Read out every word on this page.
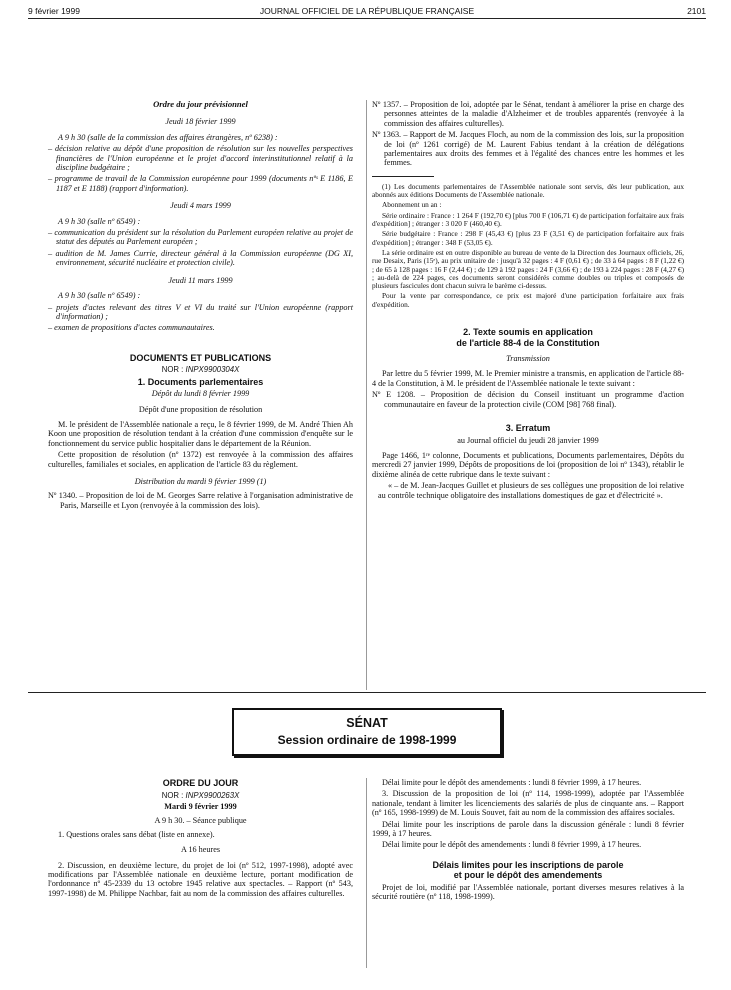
9 février 1999	JOURNAL OFFICIEL DE LA RÉPUBLIQUE FRANÇAISE	2101

Ordre du jour prévisionnel

Jeudi 18 février 1999

A 9 h 30 (salle de la commission des affaires étrangères, nº 6238) :

– décision relative au dépôt d'une proposition de résolution sur les nouvelles perspectives financières de l'Union européenne et le projet d'accord interinstitutionnel relatif à la discipline budgétaire ;

– programme de travail de la Commission européenne pour 1999 (documents nºˢ E 1186, E 1187 et E 1188) (rapport d'information).

Jeudi 4 mars 1999

A 9 h 30 (salle nº 6549) :

– communication du président sur la résolution du Parlement européen relative au projet de statut des députés au Parlement européen ;

– audition de M. James Currie, directeur général à la Commission européenne (DG XI, environnement, sécurité nucléaire et protection civile).

Jeudi 11 mars 1999

A 9 h 30 (salle nº 6549) :

– projets d'actes relevant des titres V et VI du traité sur l'Union européenne (rapport d'information) ;

– examen de propositions d'actes communautaires.

DOCUMENTS ET PUBLICATIONS

NOR : INPX9900304X

1. Documents parlementaires

Dépôt du lundi 8 février 1999

Dépôt d'une proposition de résolution

M. le président de l'Assemblée nationale a reçu, le 8 février 1999, de M. André Thien Ah Koon une proposition de résolution tendant à la création d'une commission d'enquête sur le fonctionnement du service public hospitalier dans le département de la Réunion.

Cette proposition de résolution (nº 1372) est renvoyée à la commission des affaires culturelles, familiales et sociales, en application de l'article 83 du règlement.

Distribution du mardi 9 février 1999 (1)

Nº 1340. – Proposition de loi de M. Georges Sarre relative à l'organisation administrative de Paris, Marseille et Lyon (renvoyée à la commission des lois).

Nº 1357. – Proposition de loi, adoptée par le Sénat, tendant à améliorer la prise en charge des personnes atteintes de la maladie d'Alzheimer et de troubles apparentés (renvoyée à la commission des affaires culturelles).

Nº 1363. – Rapport de M. Jacques Floch, au nom de la commission des lois, sur la proposition de loi (nº 1261 corrigé) de M. Laurent Fabius tendant à la création de délégations parlementaires aux droits des femmes et à l'égalité des chances entre les hommes et les femmes.

(1) Les documents parlementaires de l'Assemblée nationale sont servis, dès leur publication, aux abonnés aux éditions Documents de l'Assemblée nationale.

Abonnement un an :

Série ordinaire : France : 1 264 F (192,70 €) [plus 700 F (106,71 €) de participation forfaitaire aux frais d'expédition] ; étranger : 3 020 F (460,40 €).

Série budgétaire : France : 298 F (45,43 €) [plus 23 F (3,51 €) de participation forfaitaire aux frais d'expédition] ; étranger : 348 F (53,05 €).

La série ordinaire est en outre disponible au bureau de vente de la Direction des Journaux officiels, 26, rue Desaix, Paris (15ᵉ), au prix unitaire de : jusqu'à 32 pages : 4 F (0,61 €) ; de 33 à 64 pages : 8 F (1,22 €) ; de 65 à 128 pages : 16 F (2,44 €) ; de 129 à 192 pages : 24 F (3,66 €) ; de 193 à 224 pages : 28 F (4,27 €) ; au-delà de 224 pages, ces documents seront considérés comme doubles ou triples et composés de plusieurs fascicules dont chacun suivra le barème ci-dessus.

Pour la vente par correspondance, ce prix est majoré d'une participation forfaitaire aux frais d'expédition.

2. Texte soumis en application

de l'article 88-4 de la Constitution

Transmission

Par lettre du 5 février 1999, M. le Premier ministre a transmis, en application de l'article 88-4 de la Constitution, à M. le président de l'Assemblée nationale le texte suivant :

Nº E 1208. – Proposition de décision du Conseil instituant un programme d'action communautaire en faveur de la protection civile (COM [98] 768 final).

3. Erratum

au Journal officiel du jeudi 28 janvier 1999

Page 1466, 1ʳᵉ colonne, Documents et publications, Documents parlementaires, Dépôts du mercredi 27 janvier 1999, Dépôts de propositions de loi (proposition de loi nº 1343), rétablir le dixième alinéa de cette rubrique dans le texte suivant :

« – de M. Jean-Jacques Guillet et plusieurs de ses collègues une proposition de loi relative au contrôle technique obligatoire des installations domestiques de gaz et d'électricité ».

SÉNAT
Session ordinaire de 1998-1999

ORDRE DU JOUR

NOR : INPX9900263X

Mardi 9 février 1999

A 9 h 30. – Séance publique

1. Questions orales sans débat (liste en annexe).

A 16 heures

2. Discussion, en deuxième lecture, du projet de loi (nº 512, 1997-1998), adopté avec modifications par l'Assemblée nationale en deuxième lecture, portant modification de l'ordonnance nº 45-2339 du 13 octobre 1945 relative aux spectacles. – Rapport (nº 543, 1997-1998) de M. Philippe Nachbar, fait au nom de la commission des affaires culturelles.

Délai limite pour le dépôt des amendements : lundi 8 février 1999, à 17 heures.

3. Discussion de la proposition de loi (nº 114, 1998-1999), adoptée par l'Assemblée nationale, tendant à limiter les licenciements des salariés de plus de cinquante ans. – Rapport (nº 165, 1998-1999) de M. Louis Souvet, fait au nom de la commission des affaires sociales.

Délai limite pour les inscriptions de parole dans la discussion générale : lundi 8 février 1999, à 17 heures.

Délai limite pour le dépôt des amendements : lundi 8 février 1999, à 17 heures.

Délais limites pour les inscriptions de parole

et pour le dépôt des amendements

Projet de loi, modifié par l'Assemblée nationale, portant diverses mesures relatives à la sécurité routière (nº 118, 1998-1999).
